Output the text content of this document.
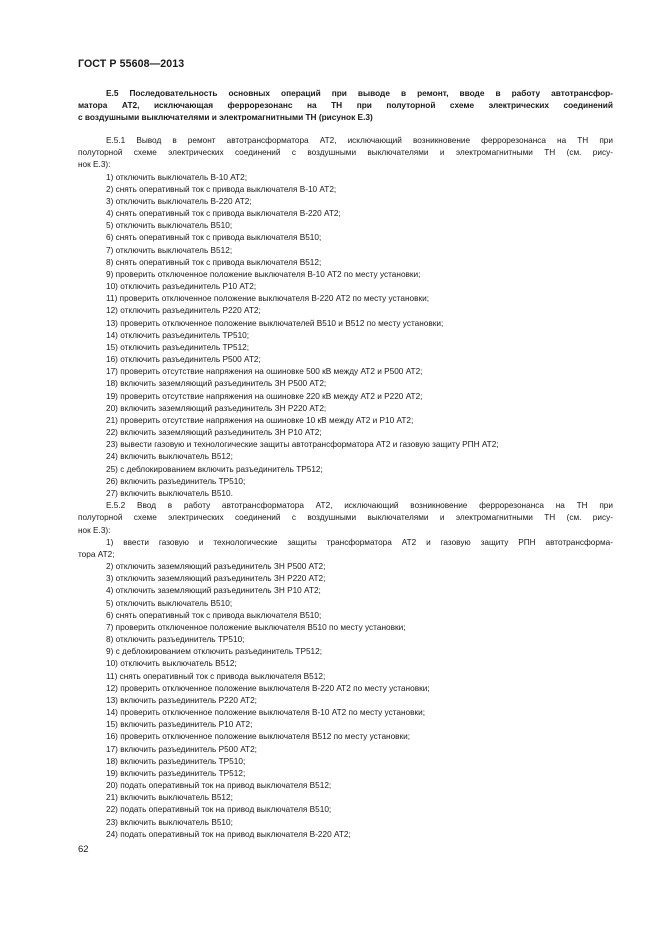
ГОСТ Р 55608—2013
Е.5 Последовательность основных операций при выводе в ремонт, вводе в работу автотрансфор-
матора АТ2, исключающая феррорезонанс на ТН при полуторной схеме электрических соединений
с воздушными выключателями и электромагнитными ТН (рисунок Е.3)
Е.5.1 Вывод в ремонт автотрансформатора АТ2, исключающий возникновение феррорезонанса на ТН при
полуторной схеме электрических соединений с воздушными выключателями и электромагнитными ТН (см. рису-
нок Е.3):
1) отключить выключатель В-10 АТ2;
2) снять оперативный ток с привода выключателя В-10 АТ2;
3) отключить выключатель В-220 АТ2;
4) снять оперативный ток с привода выключателя В-220 АТ2;
5) отключить выключатель В510;
6) снять оперативный ток с привода выключателя В510;
7) отключить выключатель В512;
8) снять оперативный ток с привода выключателя В512;
9) проверить отключенное положение выключателя В-10 АТ2 по месту установки;
10) отключить разъединитель Р10 АТ2;
11) проверить отключенное положение выключателя В-220 АТ2 по месту установки;
12) отключить разъединитель Р220 АТ2;
13) проверить отключенное положение выключателей В510 и В512 по месту установки;
14) отключить разъединитель ТР510;
15) отключить разъединитель ТР512;
16) отключить разъединитель Р500 АТ2;
17) проверить отсутствие напряжения на ошиновке 500 кВ между АТ2 и Р500 АТ2;
18) включить заземляющий разъединитель ЗН Р500 АТ2;
19) проверить отсутствие напряжения на ошиновке 220 кВ между АТ2 и Р220 АТ2;
20) включить заземляющий разъединитель ЗН Р220 АТ2;
21) проверить отсутствие напряжения на ошиновке 10 кВ между АТ2 и Р10 АТ2;
22) включить заземляющий разъединитель ЗН Р10 АТ2;
23) вывести газовую и технологические защиты автотрансформатора АТ2 и газовую защиту РПН АТ2;
24) включить выключатель В512;
25) с деблокированием включить разъединитель ТР512;
26) включить разъединитель ТР510;
27) включить выключатель В510.
Е.5.2 Ввод в работу автотрансформатора АТ2, исключающий возникновение феррорезонанса на ТН при
полуторной схеме электрических соединений с воздушными выключателями и электромагнитными ТН (см. рису-
нок Е.3):
1) ввести газовую и технологические защиты трансформатора АТ2 и газовую защиту РПН автотрансформа-
тора АТ2;
2) отключить заземляющий разъединитель ЗН Р500 АТ2;
3) отключить заземляющий разъединитель ЗН Р220 АТ2;
4) отключить заземляющий разъединитель ЗН Р10 АТ2;
5) отключить выключатель В510;
6) снять оперативный ток с привода выключателя В510;
7) проверить отключенное положение выключателя В510 по месту установки;
8) отключить разъединитель ТР510;
9) с деблокированием отключить разъединитель ТР512;
10) отключить выключатель В512;
11) снять оперативный ток с привода выключателя В512;
12) проверить отключенное положение выключателя В-220 АТ2 по месту установки;
13) включить разъединитель Р220 АТ2;
14) проверить отключенное положение выключателя В-10 АТ2 по месту установки;
15) включить разъединитель Р10 АТ2;
16) проверить отключенное положение выключателя В512 по месту установки;
17) включить разъединитель Р500 АТ2;
18) включить разъединитель ТР510;
19) включить разъединитель ТР512;
20) подать оперативный ток на привод выключателя В512;
21) включить выключатель В512;
22) подать оперативный ток на привод выключателя В510;
23) включить выключатель В510;
24) подать оперативный ток на привод выключателя В-220 АТ2;
62
